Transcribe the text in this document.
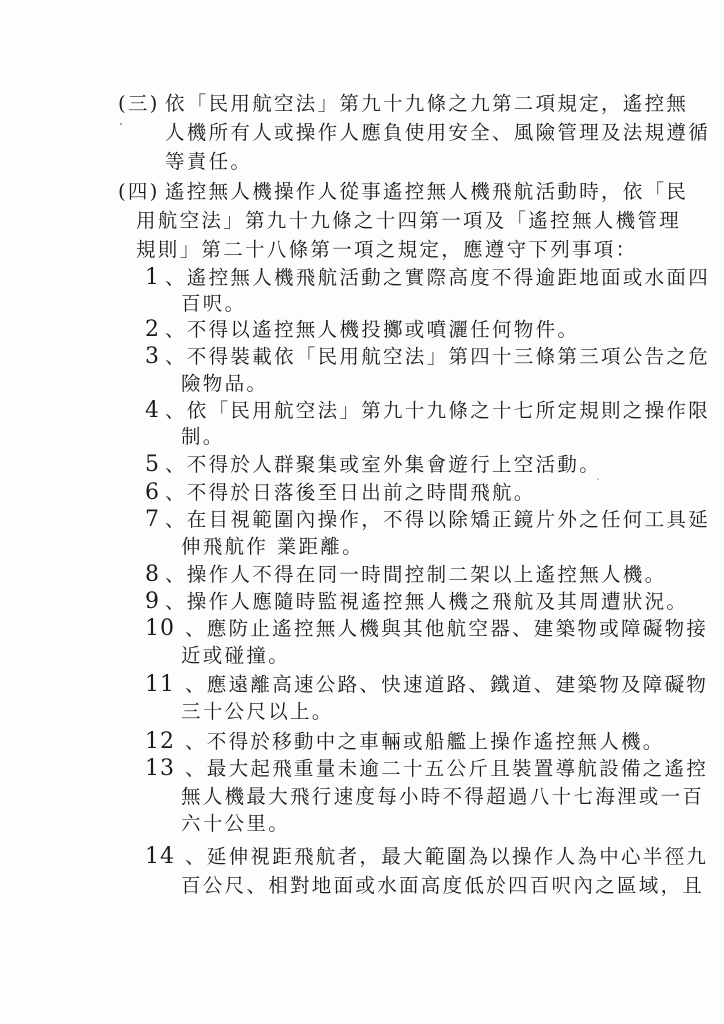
(三) 依「民用航空法」第九十九條之九第二項規定，遙控無
人機所有人或操作人應負使用安全、風險管理及法規遵循
等責任。
(四) 遙控無人機操作人從事遙控無人機飛航活動時，依「民
用航空法」第九十九條之十四第一項及「遙控無人機管理
規則」第二十八條第一項之規定，應遵守下列事項：
1 、遙控無人機飛航活動之實際高度不得逾距地面或水面四
百呎。
2 、不得以遙控無人機投擲或噴灑任何物件。
3 、不得裝載依「民用航空法」第四十三條第三項公告之危
險物品。
4 、依「民用航空法」第九十九條之十七所定規則之操作限
制。
5 、不得於人群聚集或室外集會遊行上空活動。
6 、不得於日落後至日出前之時間飛航。
7 、在目視範圍內操作，不得以除矯正鏡片外之任何工具延
伸飛航作 業距離。
8 、操作人不得在同一時間控制二架以上遙控無人機。
9 、操作人應隨時監視遙控無人機之飛航及其周遭狀況。
10 、應防止遙控無人機與其他航空器、建築物或障礙物接
近或碰撞。
11 、應遠離高速公路、快速道路、鐵道、建築物及障礙物
三十公尺以上。
12 、不得於移動中之車輛或船艦上操作遙控無人機。
13 、最大起飛重量未逾二十五公斤且裝置導航設備之遙控
無人機最大飛行速度每小時不得超過八十七海浬或一百
六十公里。
14 、延伸視距飛航者，最大範圍為以操作人為中心半徑九
百公尺、相對地面或水面高度低於四百呎內之區域，且
